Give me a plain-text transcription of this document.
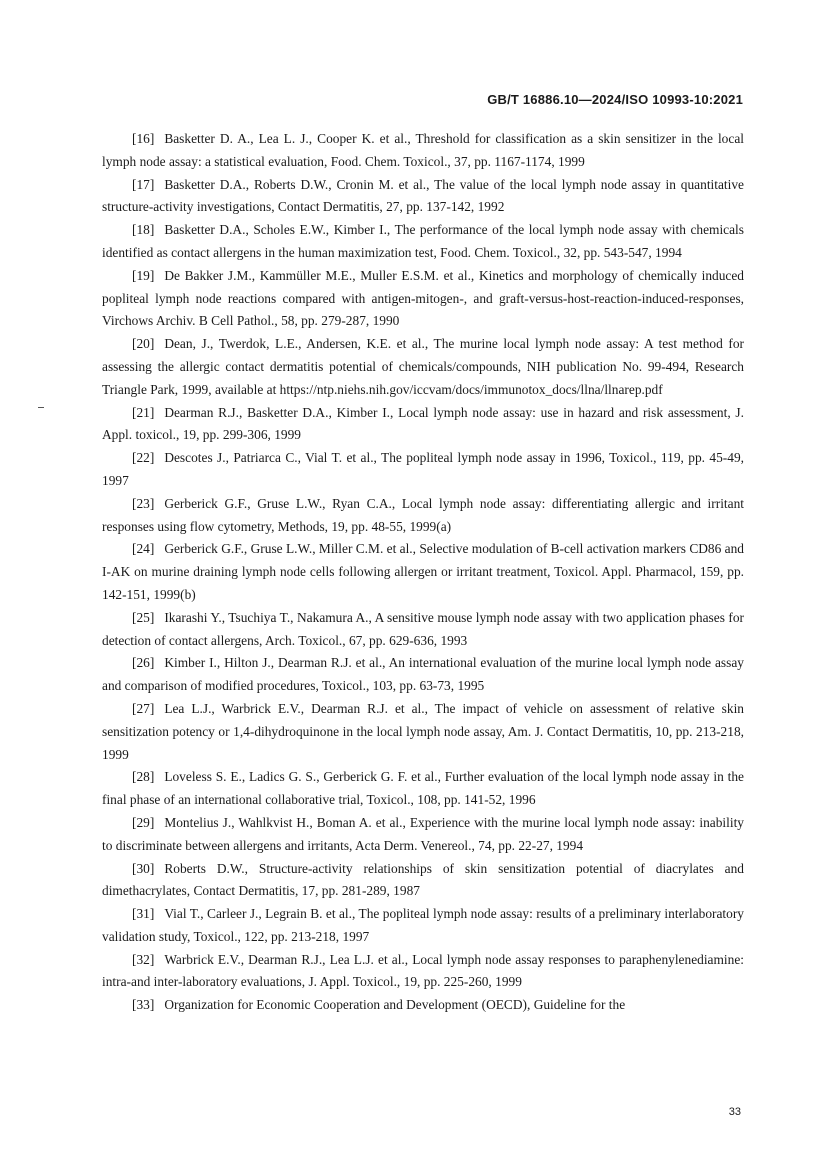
GB/T 16886.10—2024/ISO 10993-10:2021

[16] Basketter D. A., Lea L. J., Cooper K. et al., Threshold for classification as a skin sensitizer in the local lymph node assay: a statistical evaluation, Food. Chem. Toxicol., 37, pp. 1167-1174, 1999

[17] Basketter D.A., Roberts D.W., Cronin M. et al., The value of the local lymph node assay in quantitative structure-activity investigations, Contact Dermatitis, 27, pp. 137-142, 1992

[18] Basketter D.A., Scholes E.W., Kimber I., The performance of the local lymph node assay with chemicals identified as contact allergens in the human maximization test, Food. Chem. Toxicol., 32, pp. 543-547, 1994

[19] De Bakker J.M., Kammüller M.E., Muller E.S.M. et al., Kinetics and morphology of chemically induced popliteal lymph node reactions compared with antigen-mitogen-, and graft-versus-host-reaction-induced-responses, Virchows Archiv. B Cell Pathol., 58, pp. 279-287, 1990

[20] Dean, J., Twerdok, L.E., Andersen, K.E. et al., The murine local lymph node assay: A test method for assessing the allergic contact dermatitis potential of chemicals/compounds, NIH publication No. 99-494, Research Triangle Park, 1999, available at https://ntp.niehs.nih.gov/iccvam/docs/immunotox_docs/llna/llnarep.pdf

[21] Dearman R.J., Basketter D.A., Kimber I., Local lymph node assay: use in hazard and risk assessment, J. Appl. toxicol., 19, pp. 299-306, 1999

[22] Descotes J., Patriarca C., Vial T. et al., The popliteal lymph node assay in 1996, Toxicol., 119, pp. 45-49, 1997

[23] Gerberick G.F., Gruse L.W., Ryan C.A., Local lymph node assay: differentiating allergic and irritant responses using flow cytometry, Methods, 19, pp. 48-55, 1999(a)

[24] Gerberick G.F., Gruse L.W., Miller C.M. et al., Selective modulation of B-cell activation markers CD86 and I-AK on murine draining lymph node cells following allergen or irritant treatment, Toxicol. Appl. Pharmacol, 159, pp. 142-151, 1999(b)

[25] Ikarashi Y., Tsuchiya T., Nakamura A., A sensitive mouse lymph node assay with two application phases for detection of contact allergens, Arch. Toxicol., 67, pp. 629-636, 1993

[26] Kimber I., Hilton J., Dearman R.J. et al., An international evaluation of the murine local lymph node assay and comparison of modified procedures, Toxicol., 103, pp. 63-73, 1995

[27] Lea L.J., Warbrick E.V., Dearman R.J. et al., The impact of vehicle on assessment of relative skin sensitization potency or 1,4-dihydroquinone in the local lymph node assay, Am. J. Contact Dermatitis, 10, pp. 213-218, 1999

[28] Loveless S. E., Ladics G. S., Gerberick G. F. et al., Further evaluation of the local lymph node assay in the final phase of an international collaborative trial, Toxicol., 108, pp. 141-52, 1996

[29] Montelius J., Wahlkvist H., Boman A. et al., Experience with the murine local lymph node assay: inability to discriminate between allergens and irritants, Acta Derm. Venereol., 74, pp. 22-27, 1994

[30] Roberts D.W., Structure-activity relationships of skin sensitization potential of diacrylates and dimethacrylates, Contact Dermatitis, 17, pp. 281-289, 1987

[31] Vial T., Carleer J., Legrain B. et al., The popliteal lymph node assay: results of a preliminary interlaboratory validation study, Toxicol., 122, pp. 213-218, 1997

[32] Warbrick E.V., Dearman R.J., Lea L.J. et al., Local lymph node assay responses to paraphenylenediamine: intra-and inter-laboratory evaluations, J. Appl. Toxicol., 19, pp. 225-260, 1999

[33] Organization for Economic Cooperation and Development (OECD), Guideline for the

33
